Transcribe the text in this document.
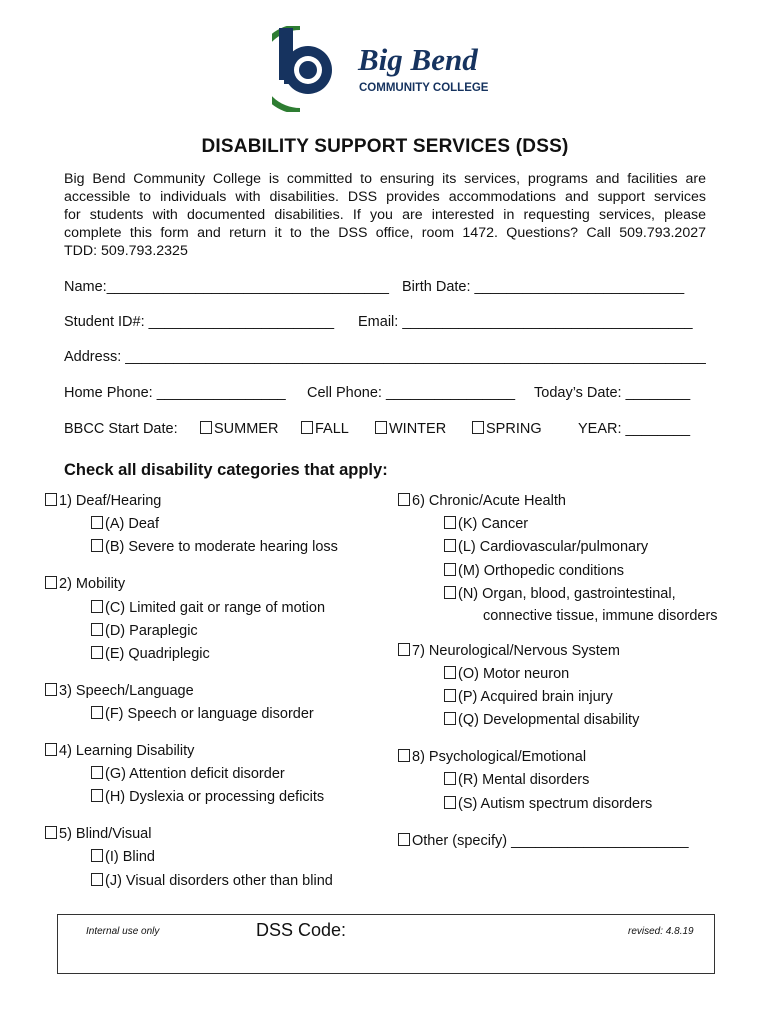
Big Bend
COMMUNITY COLLEGE
DISABILITY SUPPORT SERVICES (DSS)
Big Bend Community College is committed to ensuring its services, programs and facilities are
accessible to individuals with disabilities. DSS provides accommodations and support services
for students with documented disabilities. If you are interested in requesting services, please
complete this form and return it to the DSS office, room 1472. Questions? Call 509.793.2027
TDD: 509.793.2325
Name:___________________________________ Birth Date: __________________________
Student ID#: _______________________ Email: ____________________________________
Address: ________________________________________________________________________
Home Phone: ________________ Cell Phone: ________________ Today’s Date: ________
BBCC Start Date:	SUMMER	FALL	WINTER	SPRING	YEAR: ________
Check all disability categories that apply:
1) Deaf/Hearing
(A) Deaf
(B) Severe to moderate hearing loss
2) Mobility
(C) Limited gait or range of motion
(D) Paraplegic
(E) Quadriplegic
3) Speech/Language
(F) Speech or language disorder
4) Learning Disability
(G) Attention deficit disorder
(H) Dyslexia or processing deficits
5) Blind/Visual
(I) Blind
(J) Visual disorders other than blind
6) Chronic/Acute Health
(K) Cancer
(L) Cardiovascular/pulmonary
(M) Orthopedic conditions
(N) Organ, blood, gastrointestinal,
7) Neurological/Nervous System
(O) Motor neuron
(P) Acquired brain injury
(Q) Developmental disability
8) Psychological/Emotional
(R) Mental disorders
(S) Autism spectrum disorders
Other (specify) ______________________
connective tissue, immune disorders
Internal use only	DSS Code:	revised: 4.8.19
